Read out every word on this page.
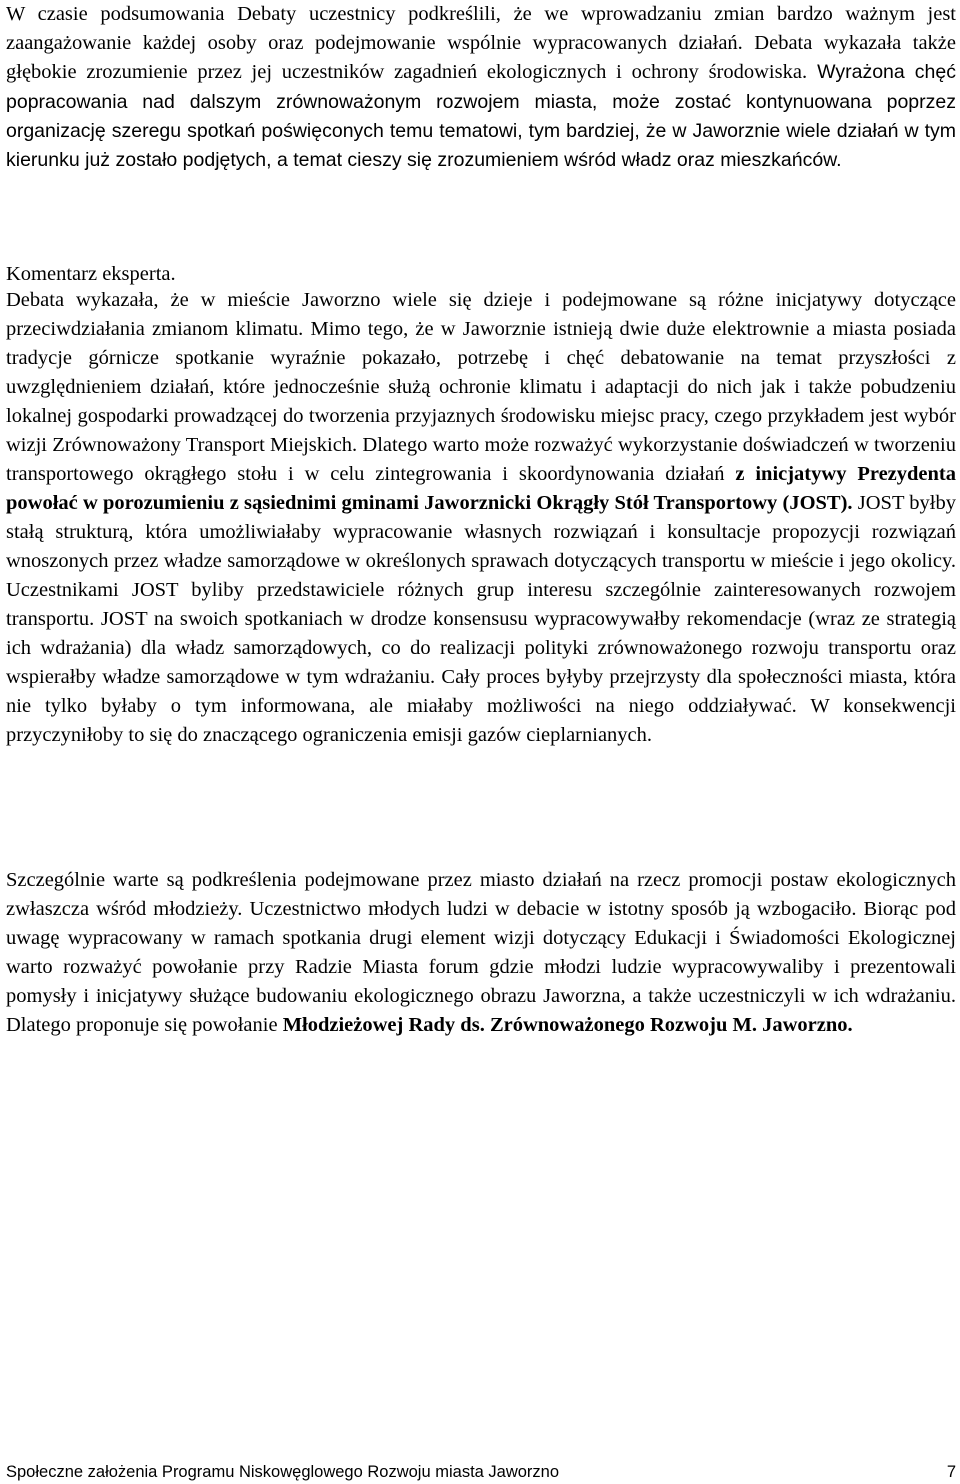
W czasie podsumowania Debaty uczestnicy podkreślili, że we wprowadzaniu zmian bardzo ważnym jest zaangażowanie każdej osoby oraz podejmowanie wspólnie wypracowanych działań. Debata wykazała także głębokie zrozumienie przez jej uczestników zagadnień ekologicznych i ochrony środowiska. Wyrażona chęć popracowania nad dalszym zrównoważonym rozwojem miasta, może zostać kontynuowana poprzez organizację szeregu spotkań poświęconych temu tematowi, tym bardziej, że w Jaworznie wiele działań w tym kierunku już zostało podjętych, a temat cieszy się zrozumieniem wśród władz oraz mieszkańców.

Komentarz eksperta.

Debata wykazała, że w mieście Jaworzno wiele się dzieje i podejmowane są różne inicjatywy dotyczące przeciwdziałania zmianom klimatu. Mimo tego, że w Jaworznie istnieją dwie duże elektrownie a miasta posiada tradycje górnicze spotkanie wyraźnie pokazało, potrzebę i chęć debatowanie na temat przyszłości z uwzględnieniem działań, które jednocześnie służą ochronie klimatu i adaptacji do nich jak i także pobudzeniu lokalnej gospodarki prowadzącej do tworzenia przyjaznych środowisku miejsc pracy, czego przykładem jest wybór wizji Zrównoważony Transport Miejskich. Dlatego warto może rozważyć wykorzystanie doświadczeń w tworzeniu transportowego okrągłego stołu i w celu zintegrowania i skoordynowania działań z inicjatywy Prezydenta powołać w porozumieniu z sąsiednimi gminami Jaworznicki Okrągły Stół Transportowy (JOST). JOST byłby stałą strukturą, która umożliwiałaby wypracowanie własnych rozwiązań i konsultacje propozycji rozwiązań wnoszonych przez władze samorządowe w określonych sprawach dotyczących transportu w mieście i jego okolicy. Uczestnikami JOST byliby przedstawiciele różnych grup interesu szczególnie zainteresowanych rozwojem transportu. JOST na swoich spotkaniach w drodze konsensusu wypracowywałby rekomendacje (wraz ze strategią ich wdrażania) dla władz samorządowych, co do realizacji polityki zrównoważonego rozwoju transportu oraz wspierałby władze samorządowe w tym wdrażaniu. Cały proces byłyby przejrzysty dla społeczności miasta, która nie tylko byłaby o tym informowana, ale miałaby możliwości na niego oddziaływać. W konsekwencji przyczyniłoby to się do znaczącego ograniczenia emisji gazów cieplarnianych.

Szczególnie warte są podkreślenia podejmowane przez miasto działań na rzecz promocji postaw ekologicznych zwłaszcza wśród młodzieży. Uczestnictwo młodych ludzi w debacie w istotny sposób ją wzbogaciło. Biorąc pod uwagę wypracowany w ramach spotkania drugi element wizji dotyczący Edukacji i Świadomości Ekologicznej warto rozważyć powołanie przy Radzie Miasta forum gdzie młodzi ludzie wypracowywaliby i prezentowali pomysły i inicjatywy służące budowaniu ekologicznego obrazu Jaworzna, a także uczestniczyli w ich wdrażaniu. Dlatego proponuje się powołanie Młodzieżowej Rady ds. Zrównoważonego Rozwoju M. Jaworzno.

Społeczne założenia Programu Niskowęglowego Rozwoju miasta Jaworzno	7
